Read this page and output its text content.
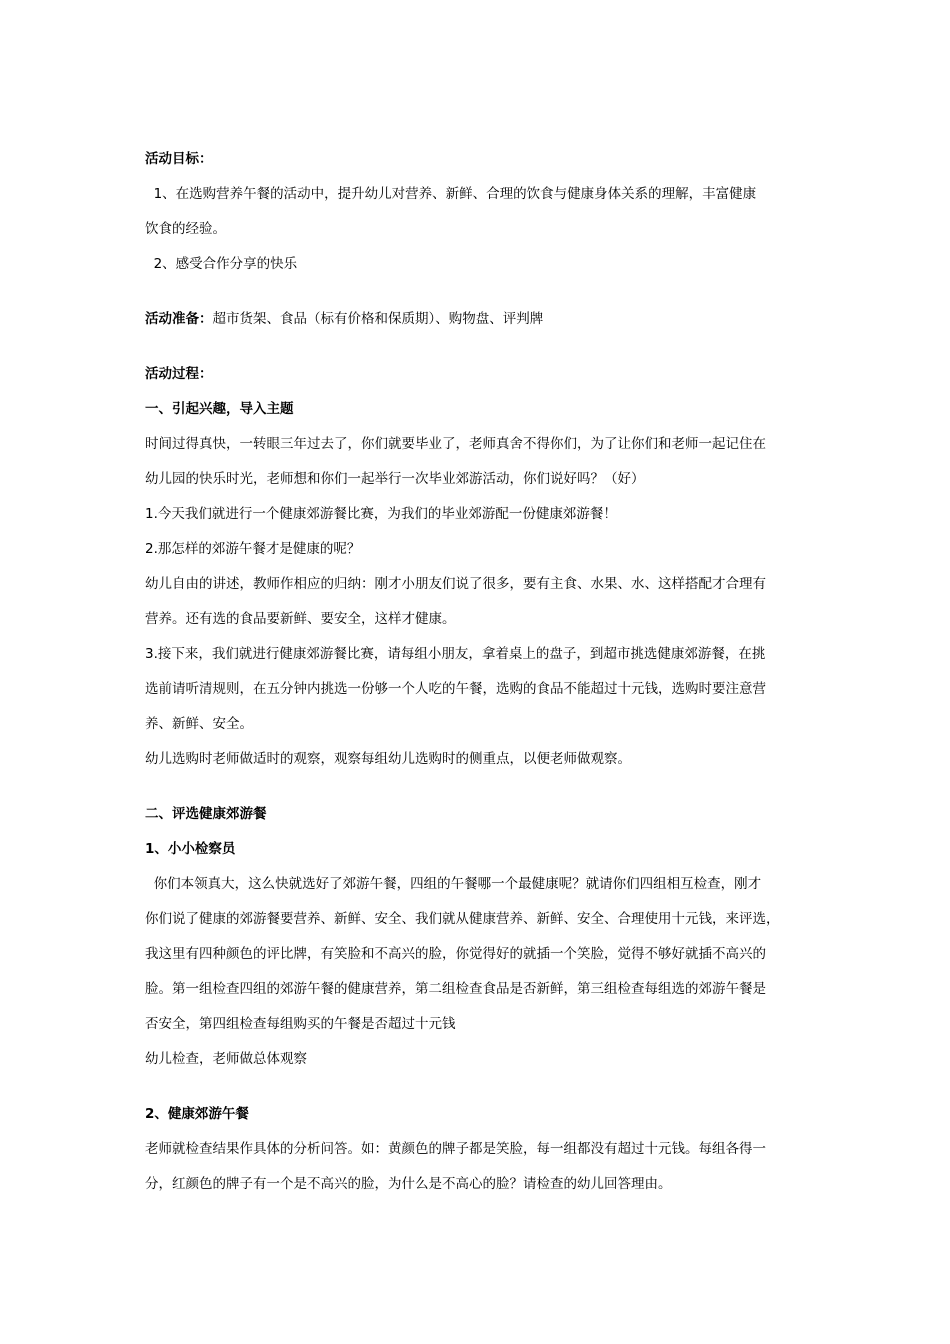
活动目标：
1、在选购营养午餐的活动中，提升幼儿对营养、新鲜、合理的饮食与健康身体关系的理解，丰富健康
饮食的经验。
2、感受合作分享的快乐
活动准备：超市货架、食品（标有价格和保质期）、购物盘、评判牌
活动过程：
一、引起兴趣，导入主题
时间过得真快，一转眼三年过去了，你们就要毕业了，老师真舍不得你们，为了让你们和老师一起记住在
幼儿园的快乐时光，老师想和你们一起举行一次毕业郊游活动，你们说好吗？（好）
1.今天我们就进行一个健康郊游餐比赛，为我们的毕业郊游配一份健康郊游餐！
2.那怎样的郊游午餐才是健康的呢？
幼儿自由的讲述，教师作相应的归纳：刚才小朋友们说了很多，要有主食、水果、水、这样搭配才合理有
营养。还有选的食品要新鲜、要安全，这样才健康。
3.接下来，我们就进行健康郊游餐比赛，请每组小朋友，拿着桌上的盘子，到超市挑选健康郊游餐，在挑
选前请听清规则，在五分钟内挑选一份够一个人吃的午餐，选购的食品不能超过十元钱，选购时要注意营
养、新鲜、安全。
幼儿选购时老师做适时的观察，观察每组幼儿选购时的侧重点，以便老师做观察。
二、评选健康郊游餐
1、小小检察员
你们本领真大，这么快就选好了郊游午餐，四组的午餐哪一个最健康呢？就请你们四组相互检查，刚才
你们说了健康的郊游餐要营养、新鲜、安全、我们就从健康营养、新鲜、安全、合理使用十元钱，来评选，
我这里有四种颜色的评比牌，有笑脸和不高兴的脸，你觉得好的就插一个笑脸，觉得不够好就插不高兴的
脸。第一组检查四组的郊游午餐的健康营养，第二组检查食品是否新鲜，第三组检查每组选的郊游午餐是
否安全，第四组检查每组购买的午餐是否超过十元钱
幼儿检查，老师做总体观察
2、健康郊游午餐
老师就检查结果作具体的分析问答。如：黄颜色的牌子都是笑脸，每一组都没有超过十元钱。每组各得一
分，红颜色的牌子有一个是不高兴的脸，为什么是不高心的脸？请检查的幼儿回答理由。
